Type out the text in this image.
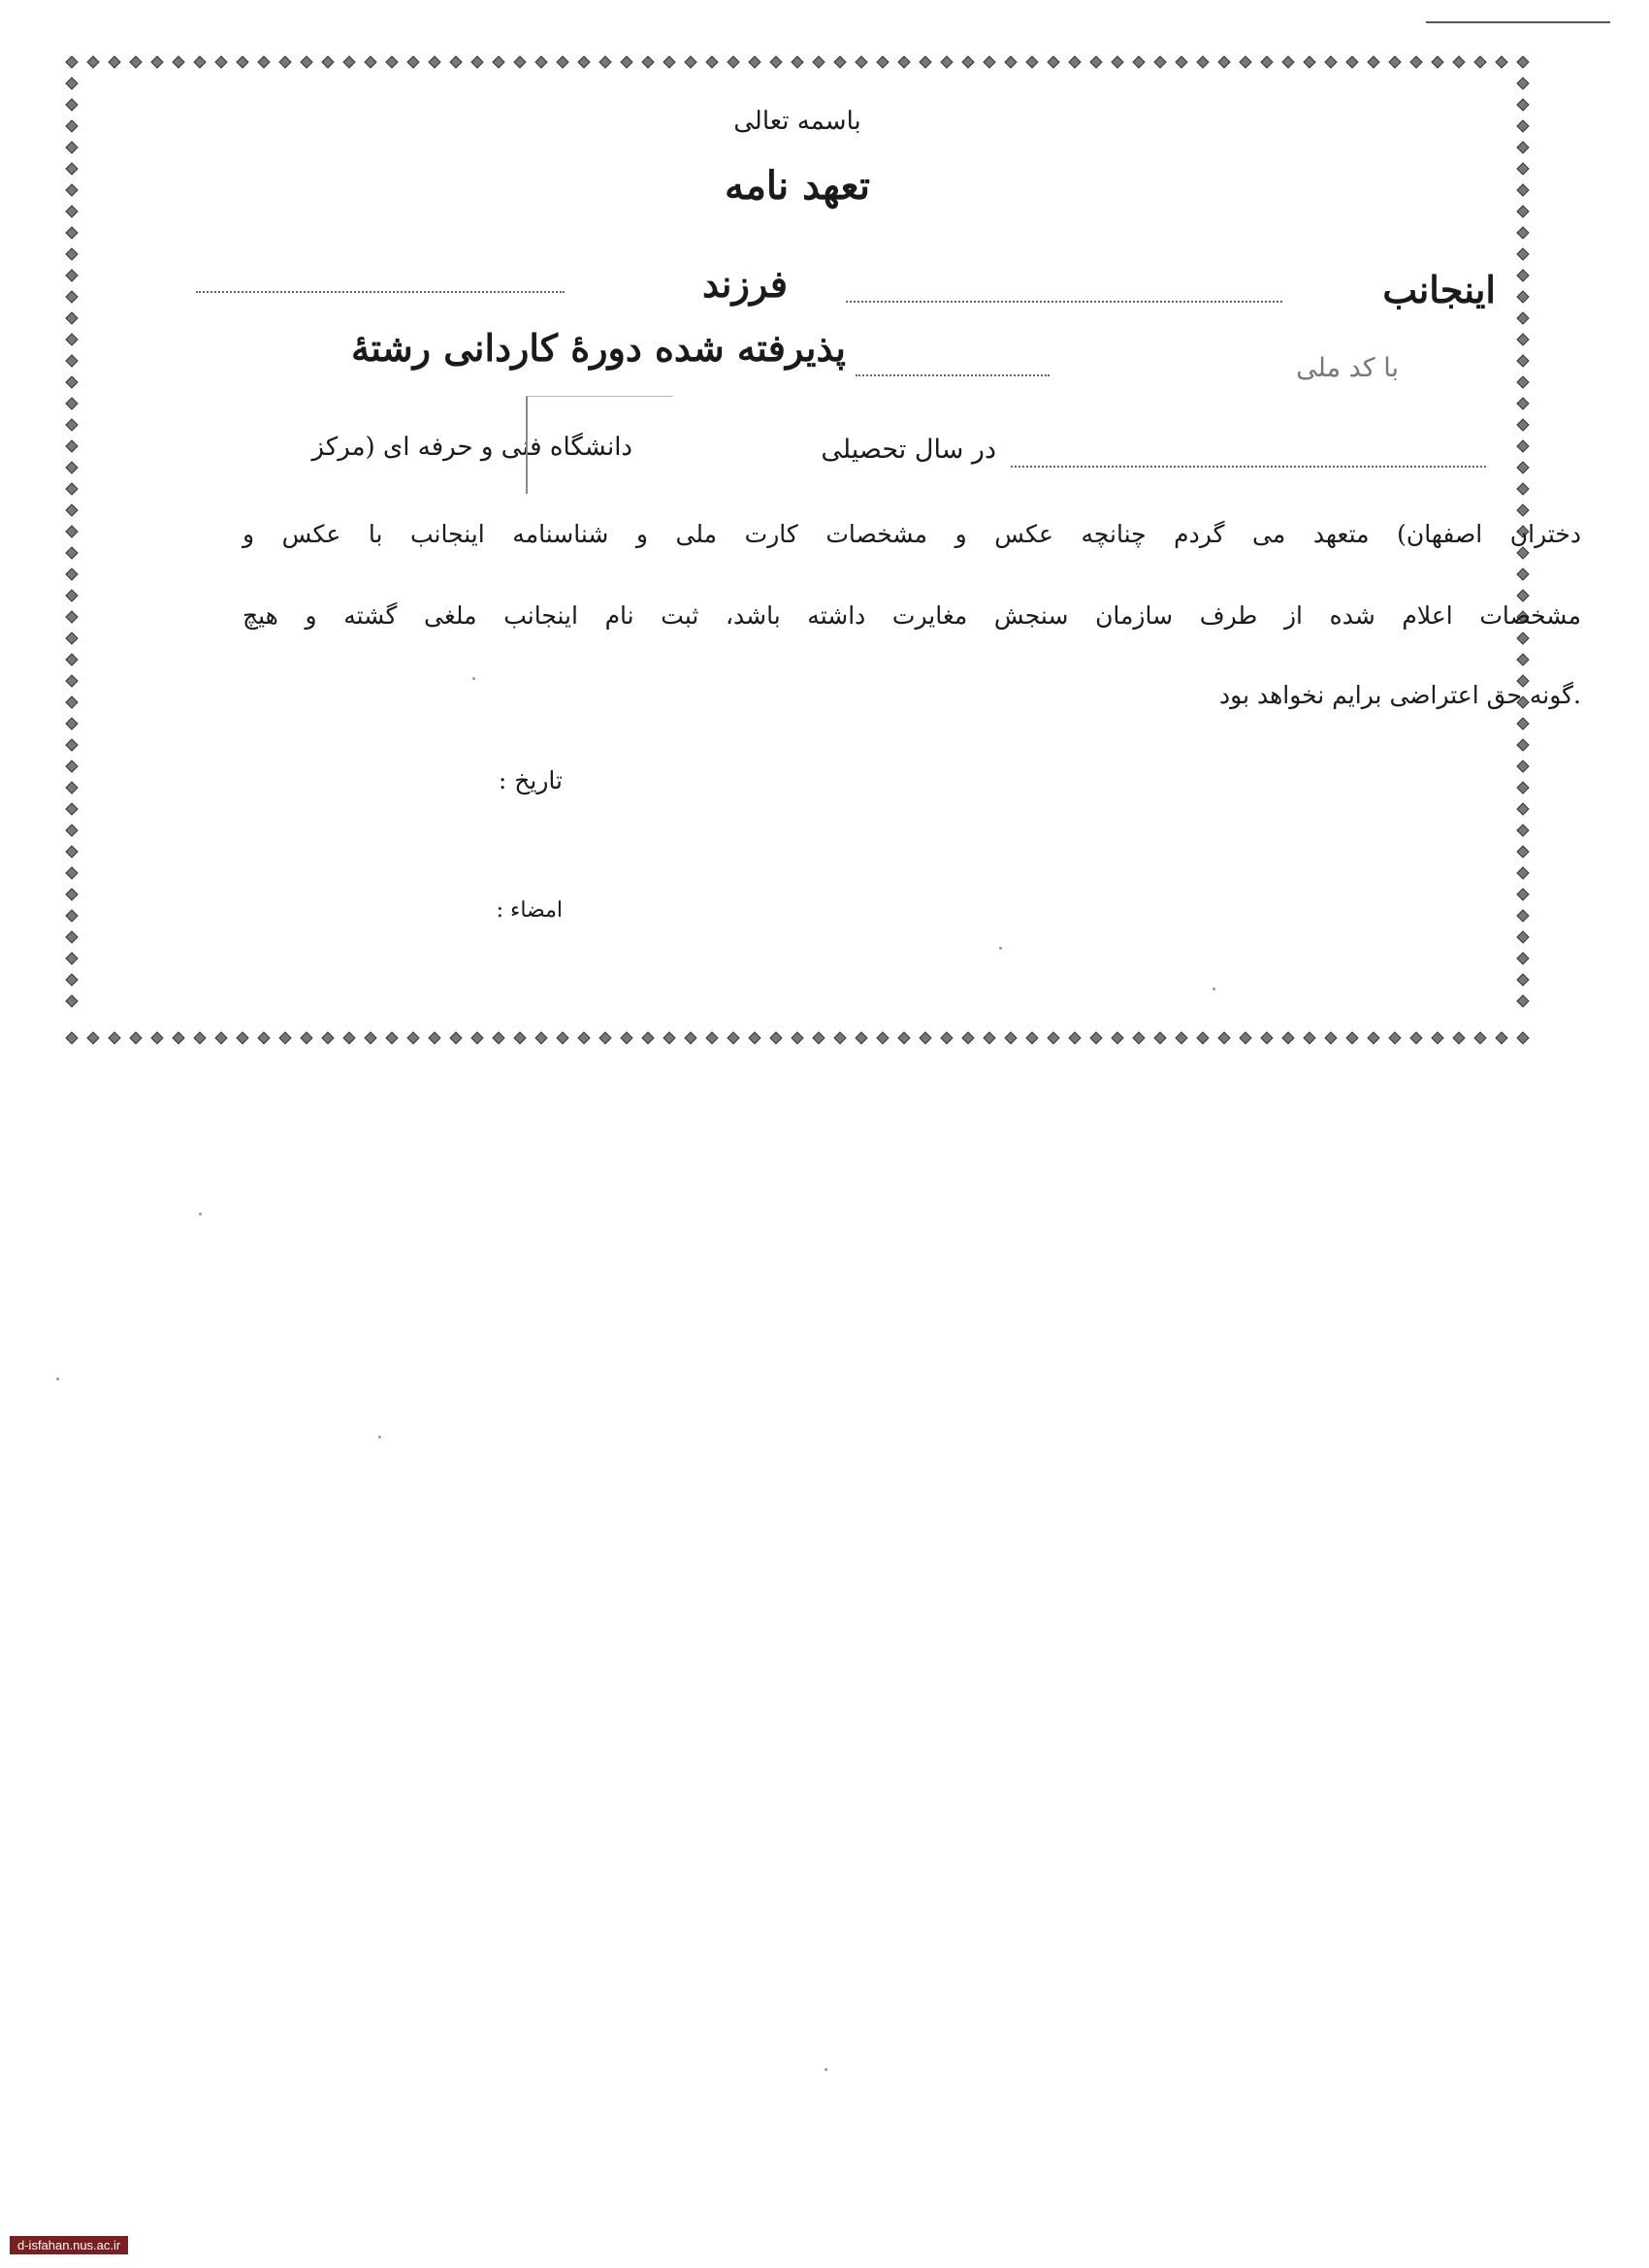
باسمه تعالی
تعهد نامه
اینجانب
فرزند
با کد ملی
پذیرفته شده دورهٔ کاردانی رشتهٔ
در سال تحصیلی
دانشگاه فنی و حرفه ای (مرکز
دختران اصفهان) متعهد می گردم چنانچه عکس و مشخصات کارت ملی و شناسنامه اینجانب با عکس و
مشخصات اعلام شده از طرف سازمان سنجش مغایرت داشته باشد، ثبت نام اینجانب ملغی گشته و هیچ
گونه حق اعتراضی برایم نخواهد بود.
تاریخ :
امضاء :
d-isfahan.nus.ac.ir
